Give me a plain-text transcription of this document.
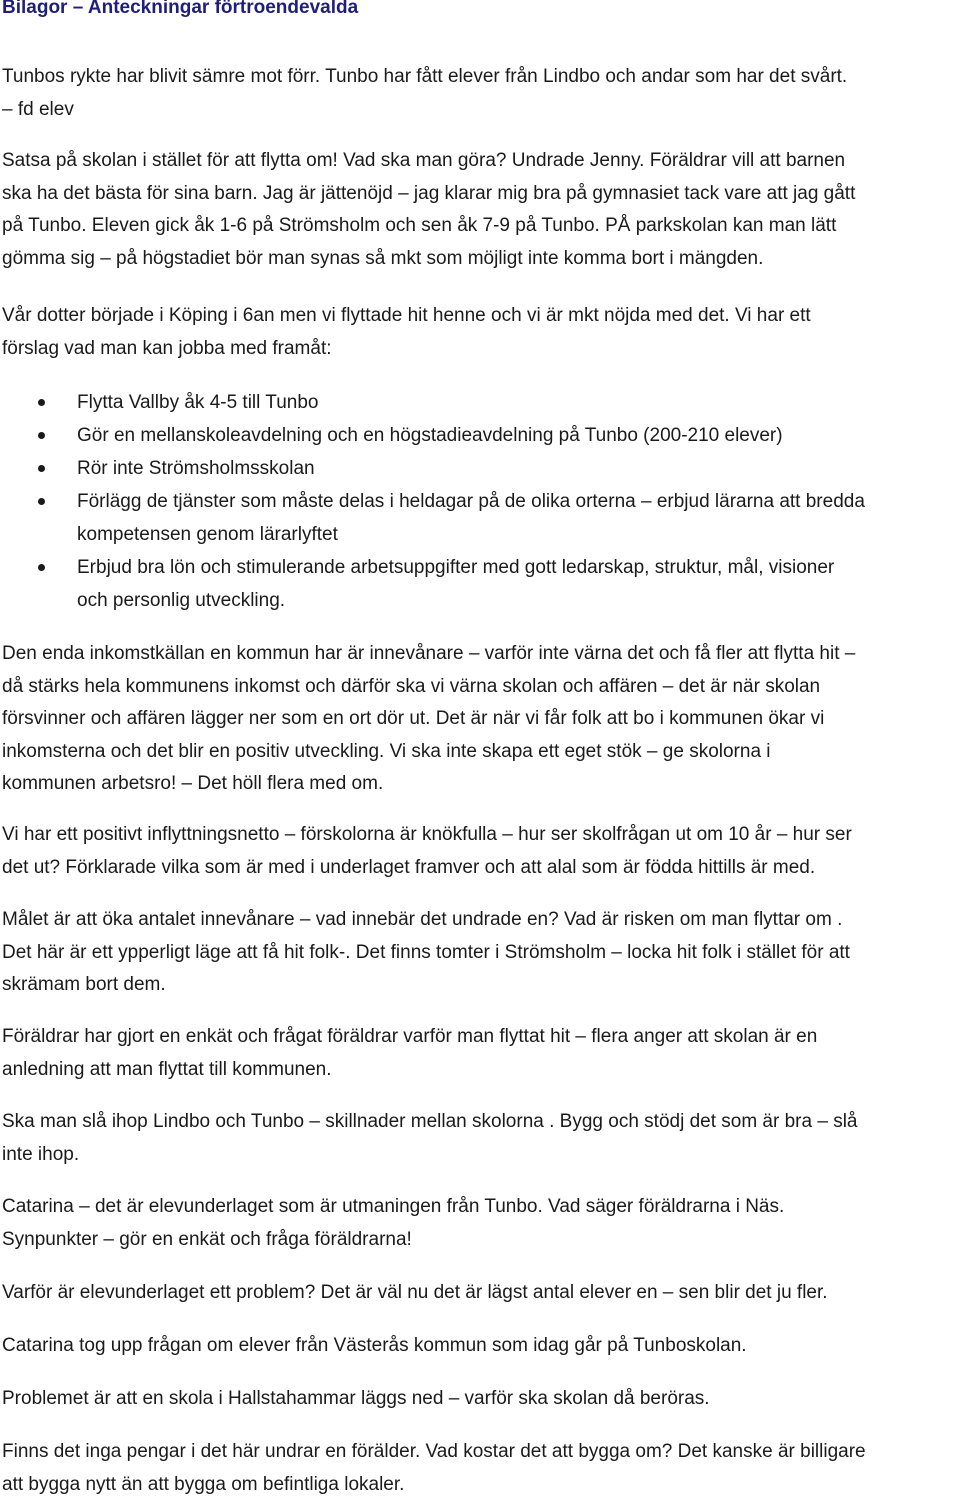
Bilagor – Anteckningar förtroendevalda
Tunbos rykte har blivit sämre mot förr. Tunbo har fått elever från Lindbo och andar som har det svårt.
– fd elev
Satsa på skolan i stället för att flytta om! Vad ska man göra? Undrade Jenny. Föräldrar vill att barnen
ska ha det bästa för sina barn. Jag är jättenöjd – jag klarar mig bra på gymnasiet tack vare att jag gått
på Tunbo. Eleven gick åk 1-6 på Strömsholm och sen åk 7-9 på Tunbo. PÅ parkskolan kan man lätt
gömma sig – på högstadiet bör man synas så mkt som möjligt inte komma bort i mängden.
Vår dotter började i Köping i 6an men vi flyttade hit henne och vi är mkt nöjda med det. Vi har ett
förslag vad man kan jobba med framåt:
Flytta Vallby åk 4-5 till Tunbo
Gör en mellanskoleavdelning och en högstadieavdelning på Tunbo (200-210 elever)
Rör inte Strömsholmsskolan
Förlägg de tjänster som måste delas i heldagar på de olika orterna – erbjud lärarna att bredda
kompetensen genom lärarlyftet
Erbjud bra lön och stimulerande arbetsuppgifter med gott ledarskap, struktur, mål, visioner
och personlig utveckling.
Den enda inkomstkällan en kommun har är innevånare – varför inte värna det och få fler att flytta hit –
då stärks hela kommunens inkomst och därför ska vi värna skolan och affären – det är när skolan
försvinner och affären lägger ner som en ort dör ut. Det är när vi får folk att bo i kommunen ökar vi
inkomsterna och det blir en positiv utveckling. Vi ska inte skapa ett eget stök – ge skolorna i
kommunen arbetsro! – Det höll flera med om.
Vi har ett positivt inflyttningsnetto – förskolorna är knökfulla – hur ser skolfrågan ut om 10 år – hur ser
det ut? Förklarade vilka som är med i underlaget framver och att alal som är födda hittills är med.
Målet är att öka antalet innevånare – vad innebär det undrade en? Vad är risken om man flyttar om .
Det här är ett ypperligt läge att få hit folk-. Det finns tomter i Strömsholm – locka hit folk i stället för att
skrämam bort dem.
Föräldrar har gjort en enkät och frågat föräldrar varför man flyttat hit – flera anger att skolan är en
anledning att man flyttat till kommunen.
Ska man slå ihop Lindbo och Tunbo – skillnader mellan skolorna . Bygg och stödj det som är bra – slå
inte ihop.
Catarina – det är elevunderlaget som är utmaningen från Tunbo. Vad säger föräldrarna i Näs.
Synpunkter – gör en enkät och fråga föräldrarna!
Varför är elevunderlaget ett problem? Det är väl nu det är lägst antal elever en – sen blir det ju fler.
Catarina tog upp frågan om elever från Västerås kommun som idag går på Tunboskolan.
Problemet är att en skola i Hallstahammar läggs ned – varför ska skolan då beröras.
Finns det inga pengar i det här undrar en förälder. Vad kostar det att bygga om? Det kanske är billigare
att bygga nytt än att bygga om befintliga lokaler.
